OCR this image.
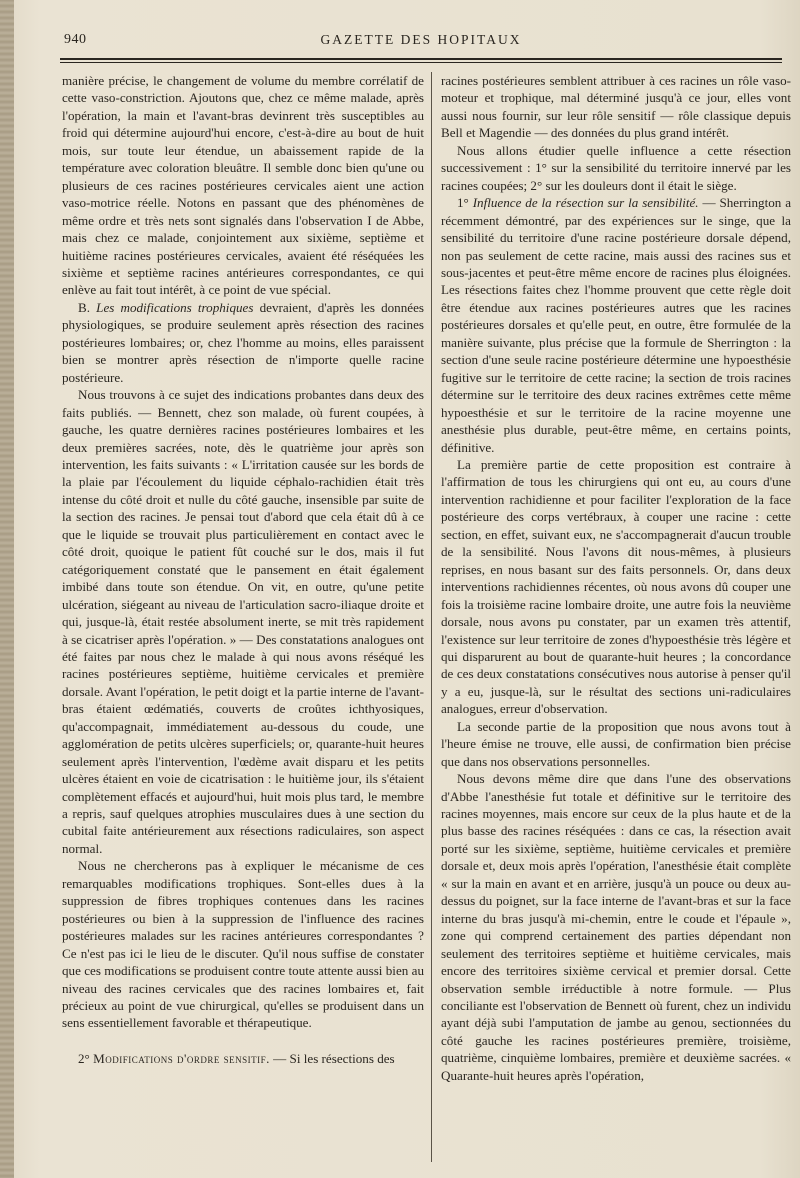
940	GAZETTE DES HOPITAUX

manière précise, le changement de volume du membre corrélatif de cette vaso-constriction. Ajoutons que, chez ce même malade, après l'opération, la main et l'avant-bras devinrent très susceptibles au froid qui détermine aujourd'hui encore, c'est-à-dire au bout de huit mois, sur toute leur étendue, un abaissement rapide de la température avec coloration bleuâtre. Il semble donc bien qu'une ou plusieurs de ces racines postérieures cervicales aient une action vaso-motrice réelle. Notons en passant que des phénomènes de même ordre et très nets sont signalés dans l'observation I de Abbe, mais chez ce malade, conjointement aux sixième, septième et huitième racines postérieures cervicales, avaient été réséquées les sixième et septième racines antérieures correspondantes, ce qui enlève au fait tout intérêt, à ce point de vue spécial.

B. Les modifications trophiques devraient, d'après les données physiologiques, se produire seulement après résection des racines postérieures lombaires; or, chez l'homme au moins, elles paraissent bien se montrer après résection de n'importe quelle racine postérieure.

Nous trouvons à ce sujet des indications probantes dans deux des faits publiés. — Bennett, chez son malade, où furent coupées, à gauche, les quatre dernières racines postérieures lombaires et les deux premières sacrées, note, dès le quatrième jour après son intervention, les faits suivants : « L'irritation causée sur les bords de la plaie par l'écoulement du liquide céphalo-rachidien était très intense du côté droit et nulle du côté gauche, insensible par suite de la section des racines. Je pensai tout d'abord que cela était dû à ce que le liquide se trouvait plus particulièrement en contact avec le côté droit, quoique le patient fût couché sur le dos, mais il fut catégoriquement constaté que le pansement en était également imbibé dans toute son étendue. On vit, en outre, qu'une petite ulcération, siégeant au niveau de l'articulation sacro-iliaque droite et qui, jusque-là, était restée absolument inerte, se mit très rapidement à se cicatriser après l'opération. » — Des constatations analogues ont été faites par nous chez le malade à qui nous avons réséqué les racines postérieures septième, huitième cervicales et première dorsale. Avant l'opération, le petit doigt et la partie interne de l'avant-bras étaient œdématiés, couverts de croûtes ichthyosiques, qu'accompagnait, immédiatement au-dessous du coude, une agglomération de petits ulcères superficiels; or, quarante-huit heures seulement après l'intervention, l'œdème avait disparu et les petits ulcères étaient en voie de cicatrisation : le huitième jour, ils s'étaient complètement effacés et aujourd'hui, huit mois plus tard, le membre a repris, sauf quelques atrophies musculaires dues à une section du cubital faite antérieurement aux résections radiculaires, son aspect normal.

Nous ne chercherons pas à expliquer le mécanisme de ces remarquables modifications trophiques. Sont-elles dues à la suppression de fibres trophiques contenues dans les racines postérieures ou bien à la suppression de l'influence des racines postérieures malades sur les racines antérieures correspondantes ? Ce n'est pas ici le lieu de le discuter. Qu'il nous suffise de constater que ces modifications se produisent contre toute attente aussi bien au niveau des racines cervicales que des racines lombaires et, fait précieux au point de vue chirurgical, qu'elles se produisent dans un sens essentiellement favorable et thérapeutique.

2° Modifications d'ordre sensitif. — Si les résections des

racines postérieures semblent attribuer à ces racines un rôle vaso-moteur et trophique, mal déterminé jusqu'à ce jour, elles vont aussi nous fournir, sur leur rôle sensitif — rôle classique depuis Bell et Magendie — des données du plus grand intérêt.

Nous allons étudier quelle influence a cette résection successivement : 1° sur la sensibilité du territoire innervé par les racines coupées; 2° sur les douleurs dont il était le siège.

1° Influence de la résection sur la sensibilité. — Sherrington a récemment démontré, par des expériences sur le singe, que la sensibilité du territoire d'une racine postérieure dorsale dépend, non pas seulement de cette racine, mais aussi des racines sus et sous-jacentes et peut-être même encore de racines plus éloignées. Les résections faites chez l'homme prouvent que cette règle doit être étendue aux racines postérieures autres que les racines postérieures dorsales et qu'elle peut, en outre, être formulée de la manière suivante, plus précise que la formule de Sherrington : la section d'une seule racine postérieure détermine une hypoesthésie fugitive sur le territoire de cette racine; la section de trois racines détermine sur le territoire des deux racines extrêmes cette même hypoesthésie et sur le territoire de la racine moyenne une anesthésie plus durable, peut-être même, en certains points, définitive.

La première partie de cette proposition est contraire à l'affirmation de tous les chirurgiens qui ont eu, au cours d'une intervention rachidienne et pour faciliter l'exploration de la face postérieure des corps vertébraux, à couper une racine : cette section, en effet, suivant eux, ne s'accompagnerait d'aucun trouble de la sensibilité. Nous l'avons dit nous-mêmes, à plusieurs reprises, en nous basant sur des faits personnels. Or, dans deux interventions rachidiennes récentes, où nous avons dû couper une fois la troisième racine lombaire droite, une autre fois la neuvième dorsale, nous avons pu constater, par un examen très attentif, l'existence sur leur territoire de zones d'hypoesthésie très légère et qui disparurent au bout de quarante-huit heures ; la concordance de ces deux constatations consécutives nous autorise à penser qu'il y a eu, jusque-là, sur le résultat des sections uni-radiculaires analogues, erreur d'observation.

La seconde partie de la proposition que nous avons tout à l'heure émise ne trouve, elle aussi, de confirmation bien précise que dans nos observations personnelles.

Nous devons même dire que dans l'une des observations d'Abbe l'anesthésie fut totale et définitive sur le territoire des racines moyennes, mais encore sur ceux de la plus haute et de la plus basse des racines réséquées : dans ce cas, la résection avait porté sur les sixième, septième, huitième cervicales et première dorsale et, deux mois après l'opération, l'anesthésie était complète « sur la main en avant et en arrière, jusqu'à un pouce ou deux au-dessus du poignet, sur la face interne de l'avant-bras et sur la face interne du bras jusqu'à mi-chemin, entre le coude et l'épaule », zone qui comprend certainement des parties dépendant non seulement des territoires septième et huitième cervicales, mais encore des territoires sixième cervical et premier dorsal. Cette observation semble irréductible à notre formule. — Plus conciliante est l'observation de Bennett où furent, chez un individu ayant déjà subi l'amputation de jambe au genou, sectionnées du côté gauche les racines postérieures première, troisième, quatrième, cinquième lombaires, première et deuxième sacrées. « Quarante-huit heures après l'opération,
